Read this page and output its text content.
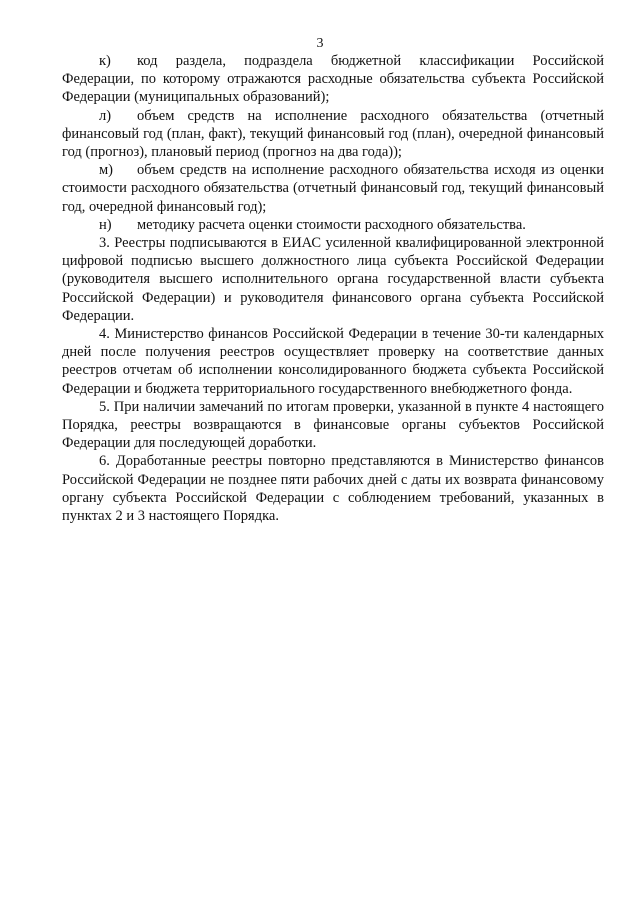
3

к) код раздела, подраздела бюджетной классификации Российской Федерации, по которому отражаются расходные обязательства субъекта Российской Федерации (муниципальных образований);

л) объем средств на исполнение расходного обязательства (отчетный финансовый год (план, факт), текущий финансовый год (план), очередной финансовый год (прогноз), плановый период (прогноз на два года));

м) объем средств на исполнение расходного обязательства исходя из оценки стоимости расходного обязательства (отчетный финансовый год, текущий финансовый год, очередной финансовый год);

н) методику расчета оценки стоимости расходного обязательства.

3. Реестры подписываются в ЕИАС усиленной квалифицированной электронной цифровой подписью высшего должностного лица субъекта Российской Федерации (руководителя высшего исполнительного органа государственной власти субъекта Российской Федерации) и руководителя финансового органа субъекта Российской Федерации.

4. Министерство финансов Российской Федерации в течение 30-ти календарных дней после получения реестров осуществляет проверку на соответствие данных реестров отчетам об исполнении консолидированного бюджета субъекта Российской Федерации и бюджета территориального государственного внебюджетного фонда.

5. При наличии замечаний по итогам проверки, указанной в пункте 4 настоящего Порядка, реестры возвращаются в финансовые органы субъектов Российской Федерации для последующей доработки.

6. Доработанные реестры повторно представляются в Министерство финансов Российской Федерации не позднее пяти рабочих дней с даты их возврата финансовому органу субъекта Российской Федерации с соблюдением требований, указанных в пунктах 2 и 3 настоящего Порядка.
